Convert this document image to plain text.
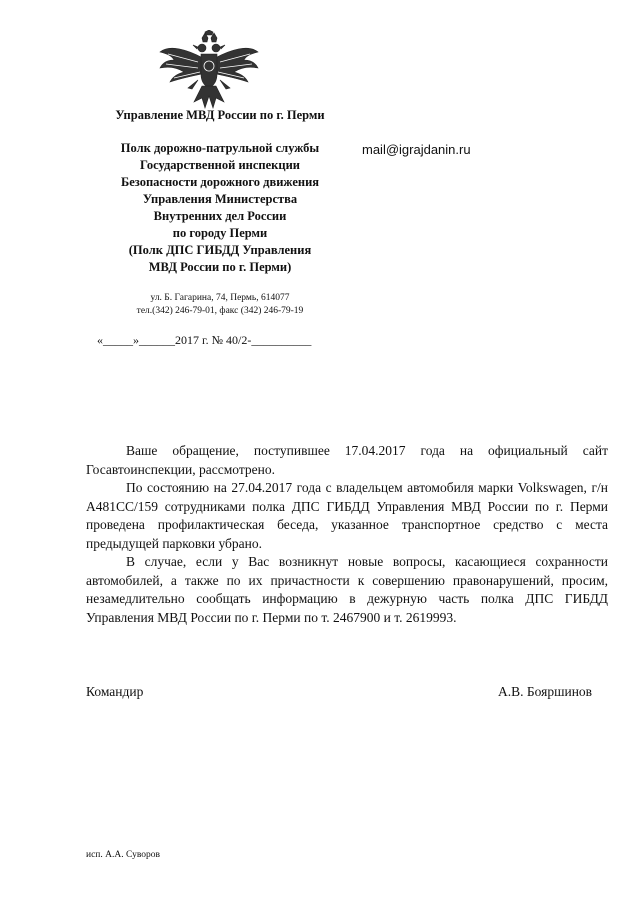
Управление МВД России по г. Перми
Полк дорожно-патрульной службы
Государственной инспекции
Безопасности дорожного движения
Управления Министерства
Внутренних дел России
по городу Перми
(Полк ДПС ГИБДД Управления
МВД России по г. Перми)
ул. Б. Гагарина, 74, Пермь, 614077
тел.(342) 246-79-01, факс (342) 246-79-19
«_____»______2017 г. № 40/2-__________
mail@igrajdanin.ru

Ваше обращение, поступившее 17.04.2017 года на официальный сайт Госавтоинспекции, рассмотрено.

По состоянию на 27.04.2017 года с владельцем автомобиля марки Volkswagen, г/н А481СС/159 сотрудниками полка ДПС ГИБДД Управления МВД России по г. Перми проведена профилактическая беседа, указанное транспортное средство с места предыдущей парковки убрано.

В случае, если у Вас возникнут новые вопросы, касающиеся сохранности автомобилей, а также по их причастности к совершению правонарушений, просим, незамедлительно сообщать информацию в дежурную часть полка ДПС ГИБДД Управления МВД России по г. Перми по т. 2467900 и т. 2619993.

Командир	А.В. Бояршинов
исп. А.А. Суворов
